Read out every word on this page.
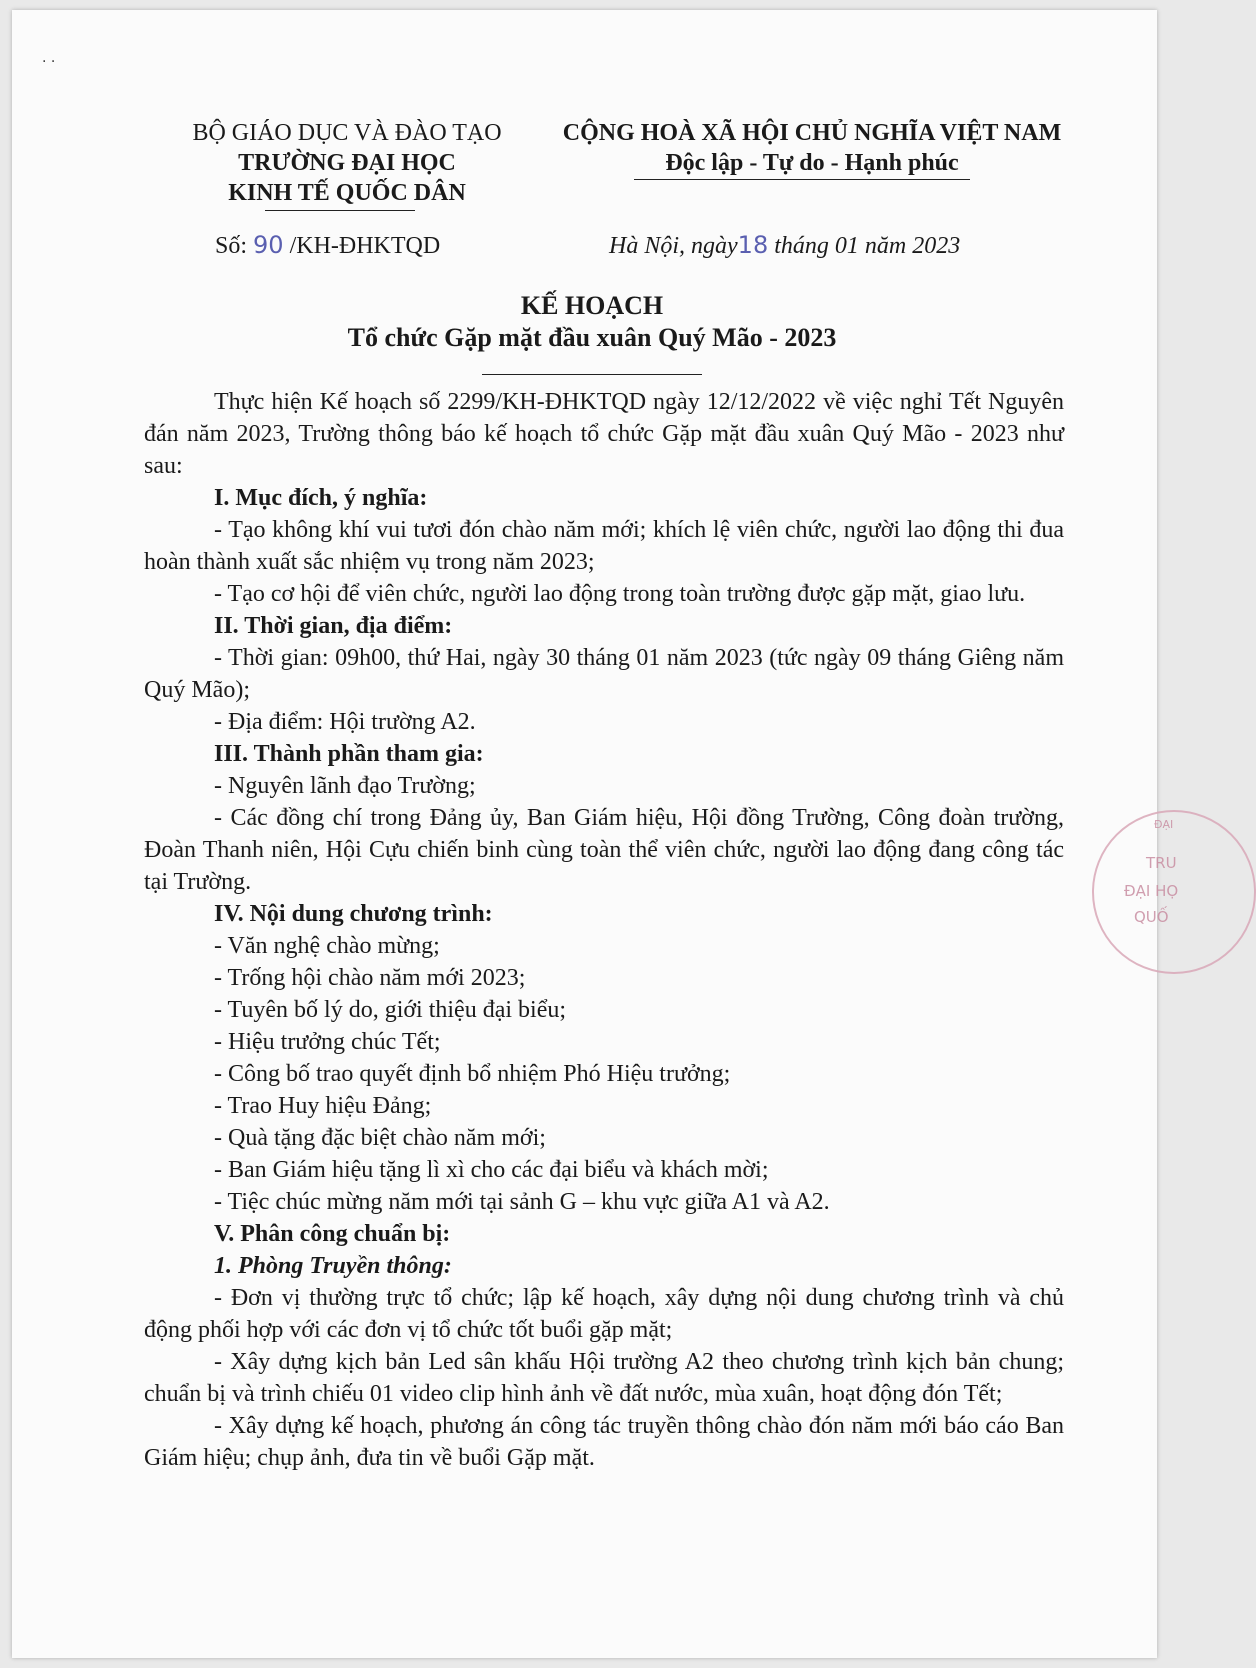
· ·
BỘ GIÁO DỤC VÀ ĐÀO TẠO
TRƯỜNG ĐẠI HỌC
KINH TẾ QUỐC DÂN
CỘNG HOÀ XÃ HỘI CHỦ NGHĨA VIỆT NAM
Độc lập - Tự do - Hạnh phúc
Số: 90 /KH-ĐHKTQD	Hà Nội, ngày18 tháng 01 năm 2023
KẾ HOẠCH
Tổ chức Gặp mặt đầu xuân Quý Mão - 2023

Thực hiện Kế hoạch số 2299/KH-ĐHKTQD ngày 12/12/2022 về việc nghỉ Tết Nguyên đán năm 2023, Trường thông báo kế hoạch tổ chức Gặp mặt đầu xuân Quý Mão - 2023 như sau:

I. Mục đích, ý nghĩa:

- Tạo không khí vui tươi đón chào năm mới; khích lệ viên chức, người lao động thi đua hoàn thành xuất sắc nhiệm vụ trong năm 2023;

- Tạo cơ hội để viên chức, người lao động trong toàn trường được gặp mặt, giao lưu.

II. Thời gian, địa điểm:

- Thời gian: 09h00, thứ Hai, ngày 30 tháng 01 năm 2023 (tức ngày 09 tháng Giêng năm Quý Mão);

- Địa điểm: Hội trường A2.

III. Thành phần tham gia:

- Nguyên lãnh đạo Trường;

- Các đồng chí trong Đảng ủy, Ban Giám hiệu, Hội đồng Trường, Công đoàn trường, Đoàn Thanh niên, Hội Cựu chiến binh cùng toàn thể viên chức, người lao động đang công tác tại Trường.

IV. Nội dung chương trình:

- Văn nghệ chào mừng;

- Trống hội chào năm mới 2023;

- Tuyên bố lý do, giới thiệu đại biểu;

- Hiệu trưởng chúc Tết;

- Công bố trao quyết định bổ nhiệm Phó Hiệu trưởng;

- Trao Huy hiệu Đảng;

- Quà tặng đặc biệt chào năm mới;

- Ban Giám hiệu tặng lì xì cho các đại biểu và khách mời;

- Tiệc chúc mừng năm mới tại sảnh G – khu vực giữa A1 và A2.

V. Phân công chuẩn bị:

1. Phòng Truyền thông:

- Đơn vị thường trực tổ chức; lập kế hoạch, xây dựng nội dung chương trình và chủ động phối hợp với các đơn vị tổ chức tốt buổi gặp mặt;

- Xây dựng kịch bản Led sân khấu Hội trường A2 theo chương trình kịch bản chung; chuẩn bị và trình chiếu 01 video clip hình ảnh về đất nước, mùa xuân, hoạt động đón Tết;

- Xây dựng kế hoạch, phương án công tác truyền thông chào đón năm mới báo cáo Ban Giám hiệu; chụp ảnh, đưa tin về buổi Gặp mặt.

ĐẠI
TRU
ĐẠI HỌ
QUỐ
